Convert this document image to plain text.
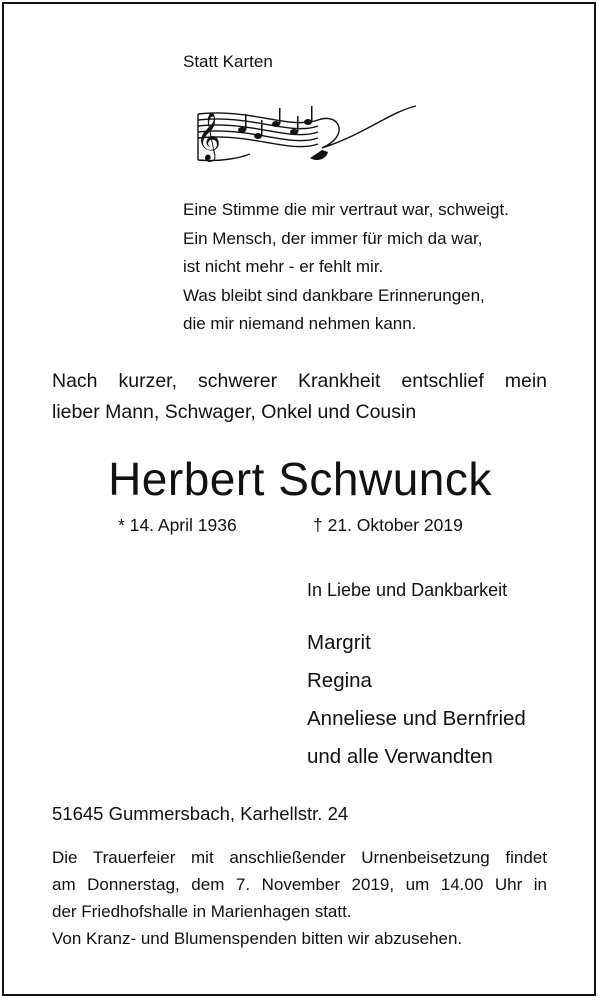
Statt Karten
𝄞
Eine Stimme die mir vertraut war, schweigt.
Ein Mensch, der immer für mich da war,
ist nicht mehr - er fehlt mir.
Was bleibt sind dankbare Erinnerungen,
die mir niemand nehmen kann.
Nach kurzer, schwerer Krankheit entschlief mein
lieber Mann, Schwager, Onkel und Cousin
Herbert Schwunck
* 14. April 1936	† 21. Oktober 2019
In Liebe und Dankbarkeit
Margrit
Regina
Anneliese und Bernfried
und alle Verwandten
51645 Gummersbach, Karhellstr. 24
Die Trauerfeier mit anschließender Urnenbeisetzung findet
am Donnerstag, dem 7. November 2019, um 14.00 Uhr in
der Friedhofshalle in Marienhagen statt.
Von Kranz- und Blumenspenden bitten wir abzusehen.
